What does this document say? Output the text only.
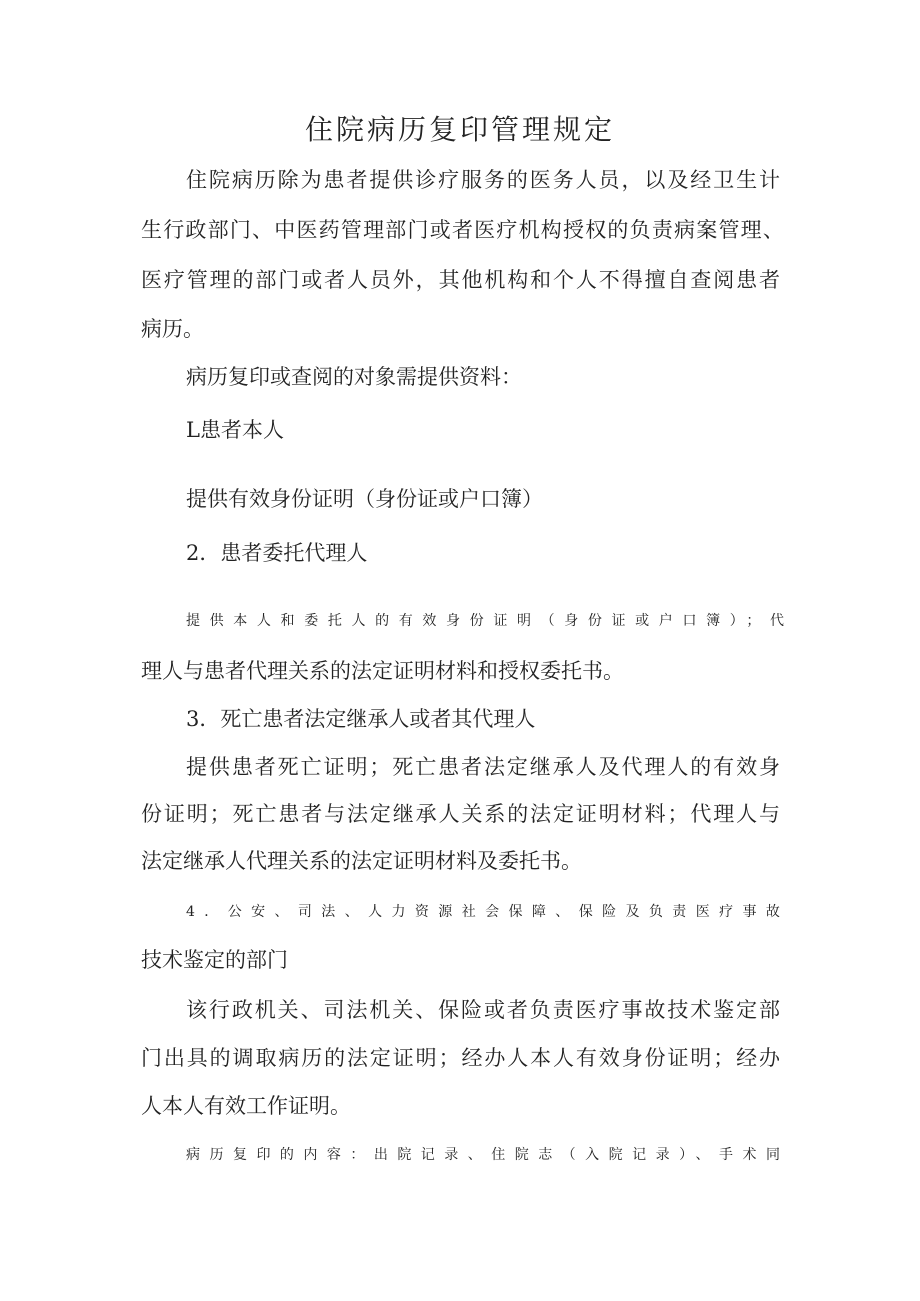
住院病历复印管理规定
住院病历除为患者提供诊疗服务的医务人员，以及经卫生计
生行政部门、中医药管理部门或者医疗机构授权的负责病案管理、
医疗管理的部门或者人员外，其他机构和个人不得擅自查阅患者
病历。
病历复印或查阅的对象需提供资料：
L患者本人
提供有效身份证明（身份证或户口簿）
2．患者委托代理人
提供本人和委托人的有效身份证明（身份证或户口簿）；代
理人与患者代理关系的法定证明材料和授权委托书。
3．死亡患者法定继承人或者其代理人
提供患者死亡证明；死亡患者法定继承人及代理人的有效身
份证明；死亡患者与法定继承人关系的法定证明材料；代理人与
法定继承人代理关系的法定证明材料及委托书。
4．公安、司法、人力资源社会保障、保险及负责医疗事故
技术鉴定的部门
该行政机关、司法机关、保险或者负责医疗事故技术鉴定部
门出具的调取病历的法定证明；经办人本人有效身份证明；经办
人本人有效工作证明。
病历复印的内容：出院记录、住院志（入院记录）、手术同
